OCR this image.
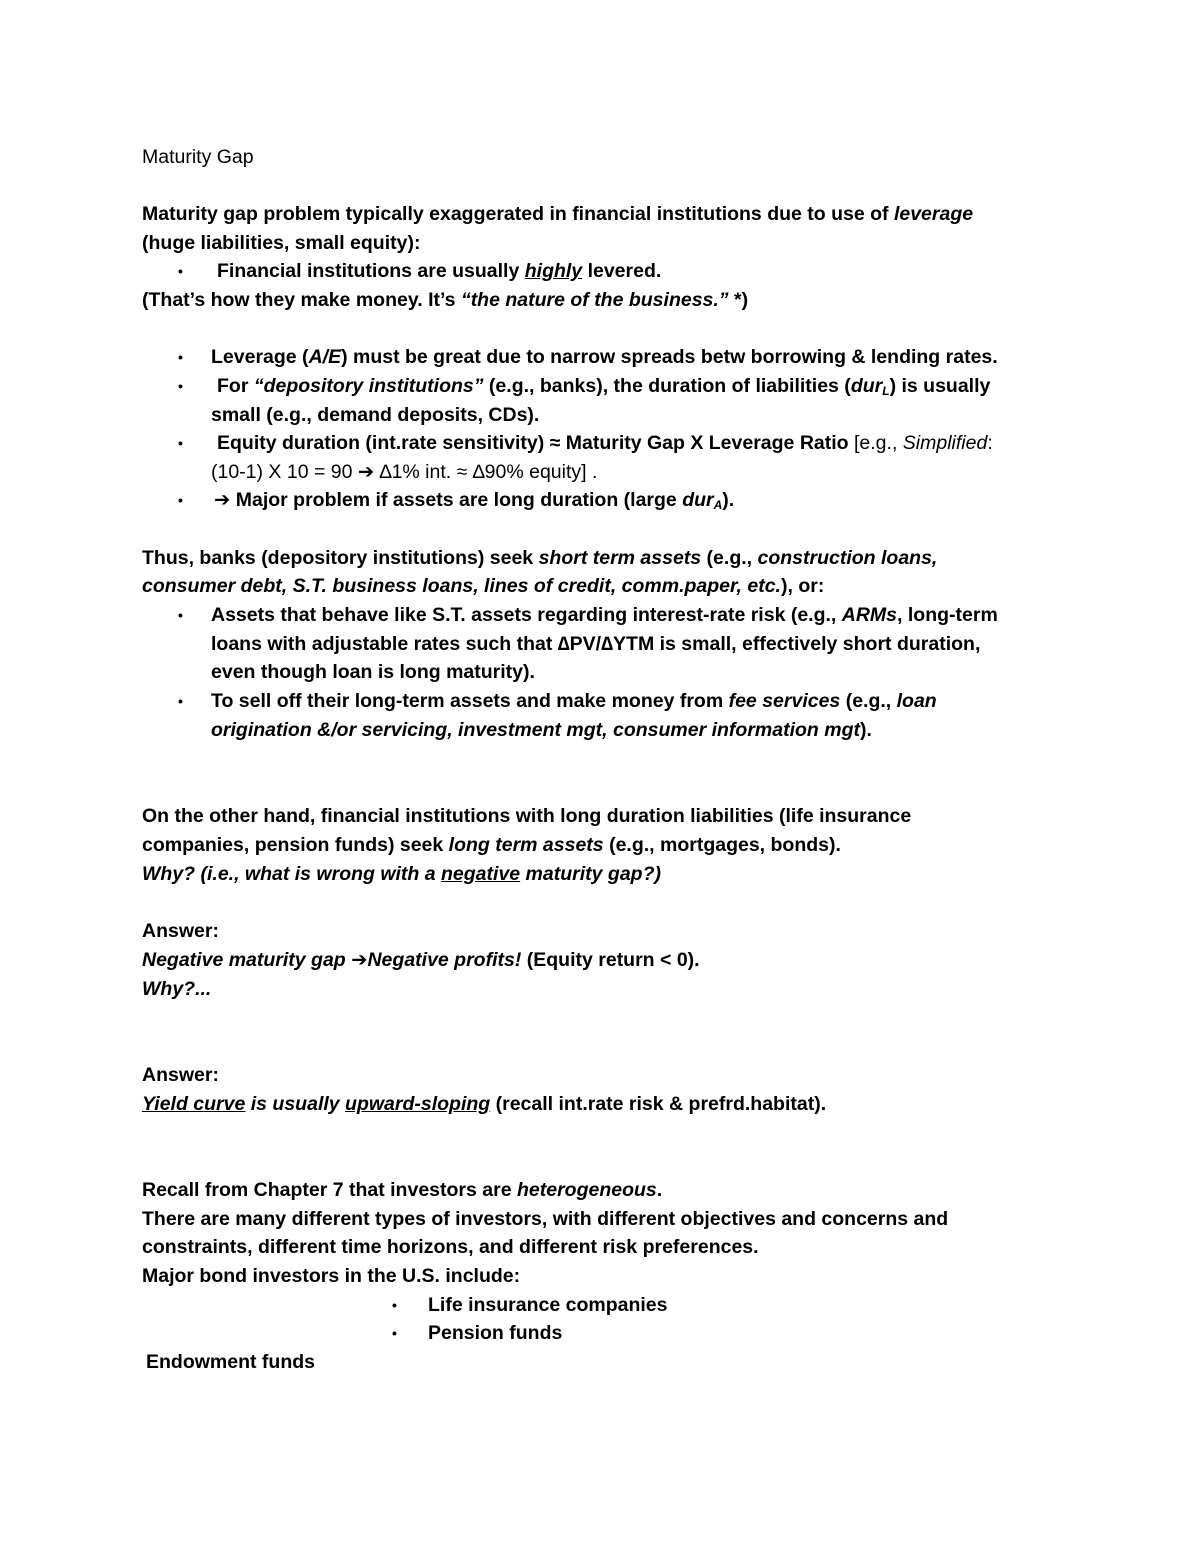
Maturity Gap
Maturity gap problem typically exaggerated in financial institutions due to use of leverage
(huge liabilities, small equity):
• Financial institutions are usually highly levered.
(That’s how they make money. It’s “the nature of the business.” *)
• Leverage (A/E) must be great due to narrow spreads betw borrowing & lending rates.
• For “depository institutions” (e.g., banks), the duration of liabilities (dur$_L$) is usually
small (e.g., demand deposits, CDs).
• Equity duration (int.rate sensitivity) ≈ Maturity Gap X Leverage Ratio [e.g., Simplified:
(10-1) X 10 = 90 ➔ ∆1% int. ≈ ∆90% equity] .
• ➔ Major problem if assets are long duration (large dur$_A$).
Thus, banks (depository institutions) seek short term assets (e.g., construction loans,
consumer debt, S.T. business loans, lines of credit, comm.paper, etc.), or:
• Assets that behave like S.T. assets regarding interest-rate risk (e.g., ARMs, long-term
loans with adjustable rates such that ∆PV/∆YTM is small, effectively short duration,
even though loan is long maturity).
• To sell off their long-term assets and make money from fee services (e.g., loan
origination &/or servicing, investment mgt, consumer information mgt).
On the other hand, financial institutions with long duration liabilities (life insurance
companies, pension funds) seek long term assets (e.g., mortgages, bonds).
Why? (i.e., what is wrong with a negative maturity gap?)
Answer:
Negative maturity gap ➔Negative profits! (Equity return < 0).
Why?...
Answer:
Yield curve is usually upward-sloping (recall int.rate risk & prefrd.habitat).
Recall from Chapter 7 that investors are heterogeneous.
There are many different types of investors, with different objectives and concerns and
constraints, different time horizons, and different risk preferences.
Major bond investors in the U.S. include:
• Life insurance companies
• Pension funds
Endowment funds
